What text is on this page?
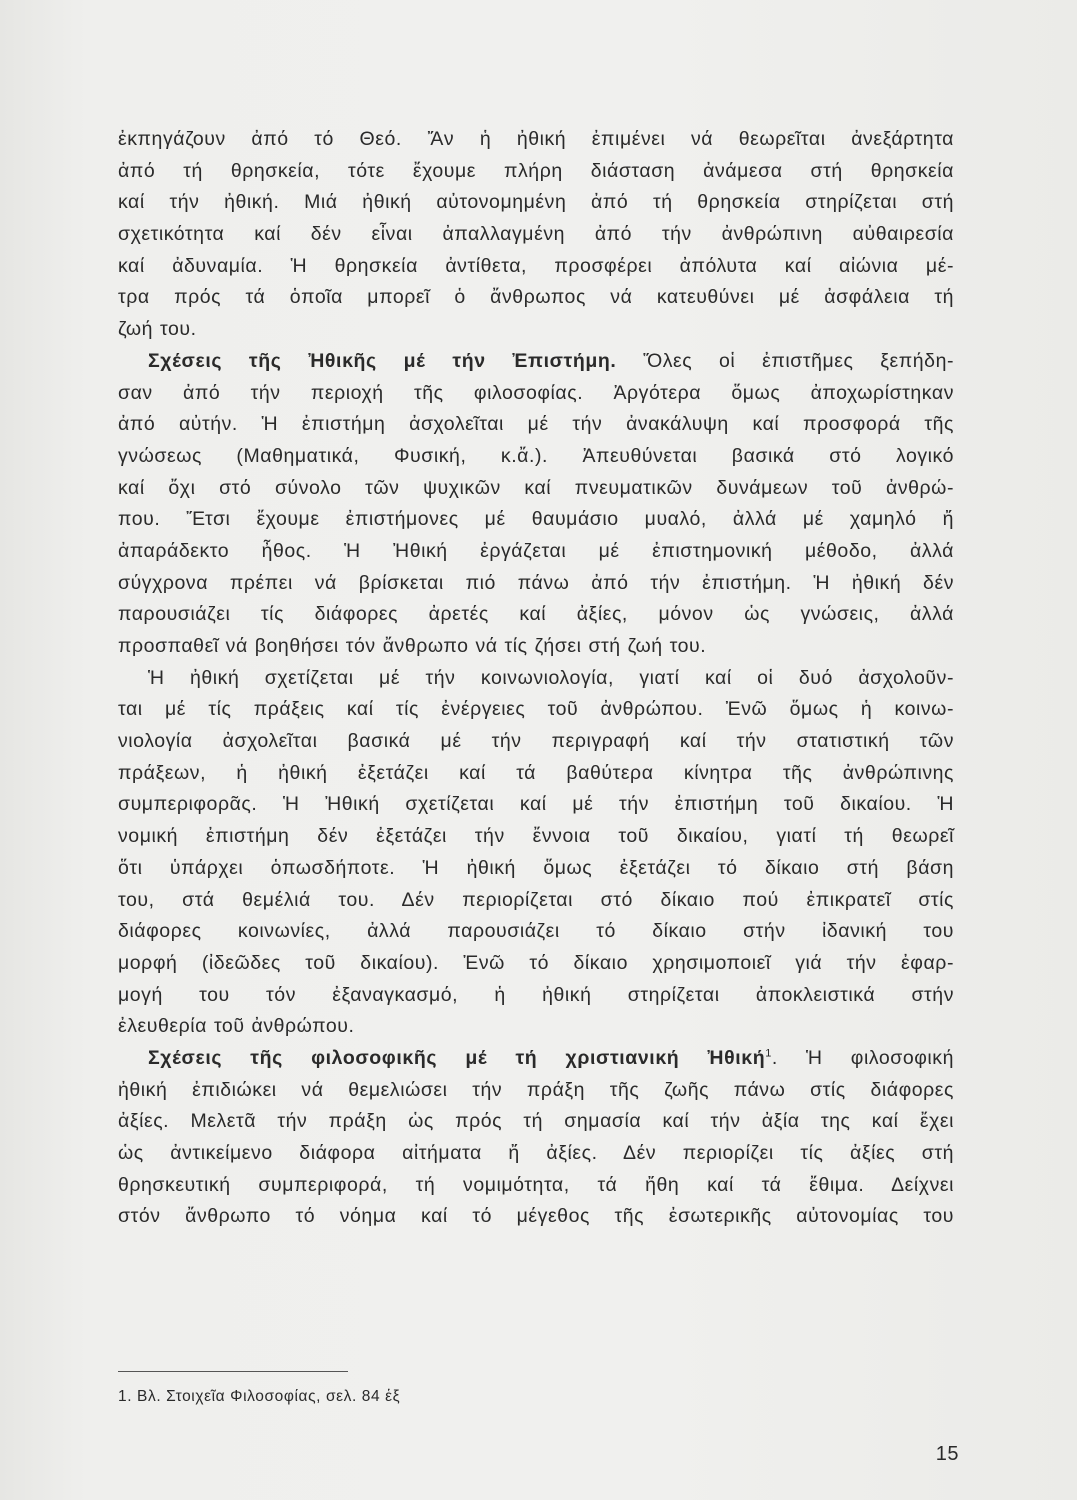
ἐκπηγάζουν ἀπό τό Θεό. Ἄν ἡ ἠθική ἐπιμένει νά θεωρεῖται ἀνεξάρτητα
ἀπό τή θρησκεία, τότε ἔχουμε πλήρη διάσταση ἀνάμεσα στή θρησκεία
καί τήν ἠθική. Μιά ἠθική αὐτονομημένη ἀπό τή θρησκεία στηρίζεται στή
σχετικότητα καί δέν εἶναι ἀπαλλαγμένη ἀπό τήν ἀνθρώπινη αὐθαιρεσία
καί ἀδυναμία. Ἡ θρησκεία ἀντίθετα, προσφέρει ἀπόλυτα καί αἰώνια μέ-
τρα πρός τά ὁποῖα μπορεῖ ὁ ἄνθρωπος νά κατευθύνει μέ ἀσφάλεια τή
ζωή του.
Σχέσεις τῆς Ἠθικῆς μέ τήν Ἐπιστήμη. Ὅλες οἱ ἐπιστῆμες ξεπήδη-
σαν ἀπό τήν περιοχή τῆς φιλοσοφίας. Ἀργότερα ὅμως ἀποχωρίστηκαν
ἀπό αὐτήν. Ἡ ἐπιστήμη ἀσχολεῖται μέ τήν ἀνακάλυψη καί προσφορά τῆς
γνώσεως (Μαθηματικά, Φυσική, κ.ἄ.). Ἀπευθύνεται βασικά στό λογικό
καί ὄχι στό σύνολο τῶν ψυχικῶν καί πνευματικῶν δυνάμεων τοῦ ἀνθρώ-
που. Ἔτσι ἔχουμε ἐπιστήμονες μέ θαυμάσιο μυαλό, ἀλλά μέ χαμηλό ἤ
ἀπαράδεκτο ἦθος. Ἡ Ἠθική ἐργάζεται μέ ἐπιστημονική μέθοδο, ἀλλά
σύγχρονα πρέπει νά βρίσκεται πιό πάνω ἀπό τήν ἐπιστήμη. Ἡ ἠθική δέν
παρουσιάζει τίς διάφορες ἀρετές καί ἀξίες, μόνον ὡς γνώσεις, ἀλλά
προσπαθεῖ νά βοηθήσει τόν ἄνθρωπο νά τίς ζήσει στή ζωή του.
Ἡ ἠθική σχετίζεται μέ τήν κοινωνιολογία, γιατί καί οἱ δυό ἀσχολοῦν-
ται μέ τίς πράξεις καί τίς ἐνέργειες τοῦ ἀνθρώπου. Ἐνῶ ὅμως ἡ κοινω-
νιολογία ἀσχολεῖται βασικά μέ τήν περιγραφή καί τήν στατιστική τῶν
πράξεων, ἡ ἠθική ἐξετάζει καί τά βαθύτερα κίνητρα τῆς ἀνθρώπινης
συμπεριφορᾶς. Ἡ Ἠθική σχετίζεται καί μέ τήν ἐπιστήμη τοῦ δικαίου. Ἡ
νομική ἐπιστήμη δέν ἐξετάζει τήν ἔννοια τοῦ δικαίου, γιατί τή θεωρεῖ
ὅτι ὑπάρχει ὁπωσδήποτε. Ἡ ἠθική ὅμως ἐξετάζει τό δίκαιο στή βάση
του, στά θεμέλιά του. Δέν περιορίζεται στό δίκαιο πού ἐπικρατεῖ στίς
διάφορες κοινωνίες, ἀλλά παρουσιάζει τό δίκαιο στήν ἰδανική του
μορφή (ἰδεῶδες τοῦ δικαίου). Ἐνῶ τό δίκαιο χρησιμοποιεῖ γιά τήν ἐφαρ-
μογή του τόν ἐξαναγκασμό, ἡ ἠθική στηρίζεται ἀποκλειστικά στήν
ἐλευθερία τοῦ ἀνθρώπου.
Σχέσεις τῆς φιλοσοφικῆς μέ τή χριστιανική Ἠθική$^1$. Ἡ φιλοσοφική
ἠθική ἐπιδιώκει νά θεμελιώσει τήν πράξη τῆς ζωῆς πάνω στίς διάφορες
ἀξίες. Μελετᾶ τήν πράξη ὡς πρός τή σημασία καί τήν ἀξία της καί ἔχει
ὡς ἀντικείμενο διάφορα αἰτήματα ἤ ἀξίες. Δέν περιορίζει τίς ἀξίες στή
θρησκευτική συμπεριφορά, τή νομιμότητα, τά ἤθη καί τά ἔθιμα. Δείχνει
στόν ἄνθρωπο τό νόημα καί τό μέγεθος τῆς ἐσωτερικῆς αὐτονομίας του
1. Βλ. Στοιχεῖα Φιλοσοφίας, σελ. 84 ἑξ
15
